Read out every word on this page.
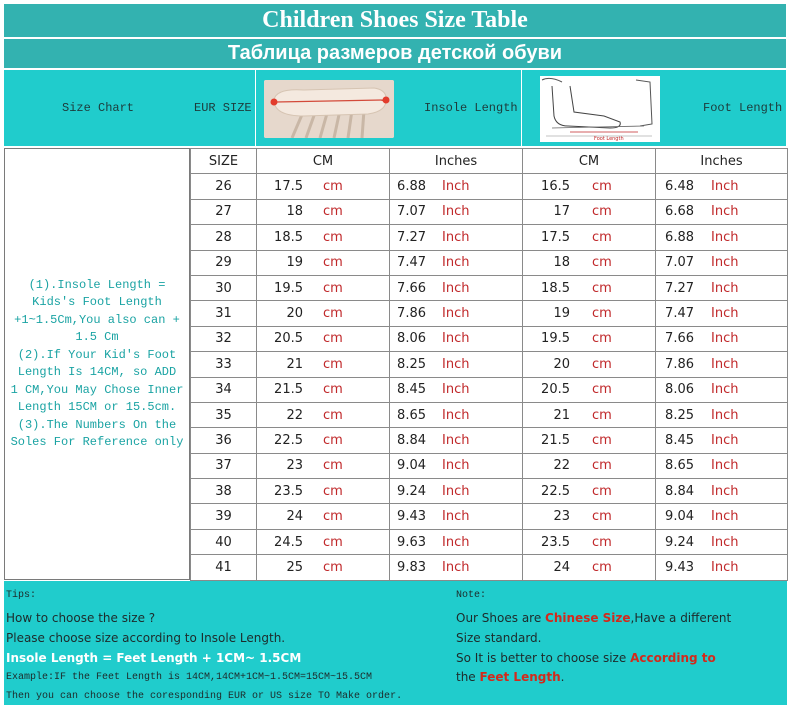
Children Shoes Size Table
Таблица размеров детской обуви
Size Chart	EUR SIZE	Insole Length	Foot Length
Foot Length
(1).Insole Length =
Kids's Foot Length
+1~1.5Cm,You also can +
1.5 Cm
(2).If Your Kid's Foot
Length Is 14CM, so ADD
1 CM,You May Chose Inner
Length 15CM or 15.5cm.
(3).The Numbers On the
Soles For Reference only
SIZE	CM	Inches	CM	Inches
26	17.5 cm	6.88 Inch	16.5 cm	6.48 Inch
27	18 cm	7.07 Inch	17 cm	6.68 Inch
28	18.5 cm	7.27 Inch	17.5 cm	6.88 Inch
29	19 cm	7.47 Inch	18 cm	7.07 Inch
30	19.5 cm	7.66 Inch	18.5 cm	7.27 Inch
31	20 cm	7.86 Inch	19 cm	7.47 Inch
32	20.5 cm	8.06 Inch	19.5 cm	7.66 Inch
33	21 cm	8.25 Inch	20 cm	7.86 Inch
34	21.5 cm	8.45 Inch	20.5 cm	8.06 Inch
35	22 cm	8.65 Inch	21 cm	8.25 Inch
36	22.5 cm	8.84 Inch	21.5 cm	8.45 Inch
37	23 cm	9.04 Inch	22 cm	8.65 Inch
38	23.5 cm	9.24 Inch	22.5 cm	8.84 Inch
39	24 cm	9.43 Inch	23 cm	9.04 Inch
40	24.5 cm	9.63 Inch	23.5 cm	9.24 Inch
41	25 cm	9.83 Inch	24 cm	9.43 Inch
Tips:
How to choose the size ?
Please choose size according to Insole Length.
Insole Length = Feet Length + 1CM~ 1.5CM
Example:IF the Feet Length is 14CM,14CM+1CM~1.5CM=15CM~15.5CM
Then you can choose the coresponding EUR or US size TO Make order.
Note:
Our Shoes are Chinese Size,Have a different
Size standard.
So It is better to choose size According to
the Feet Length.
